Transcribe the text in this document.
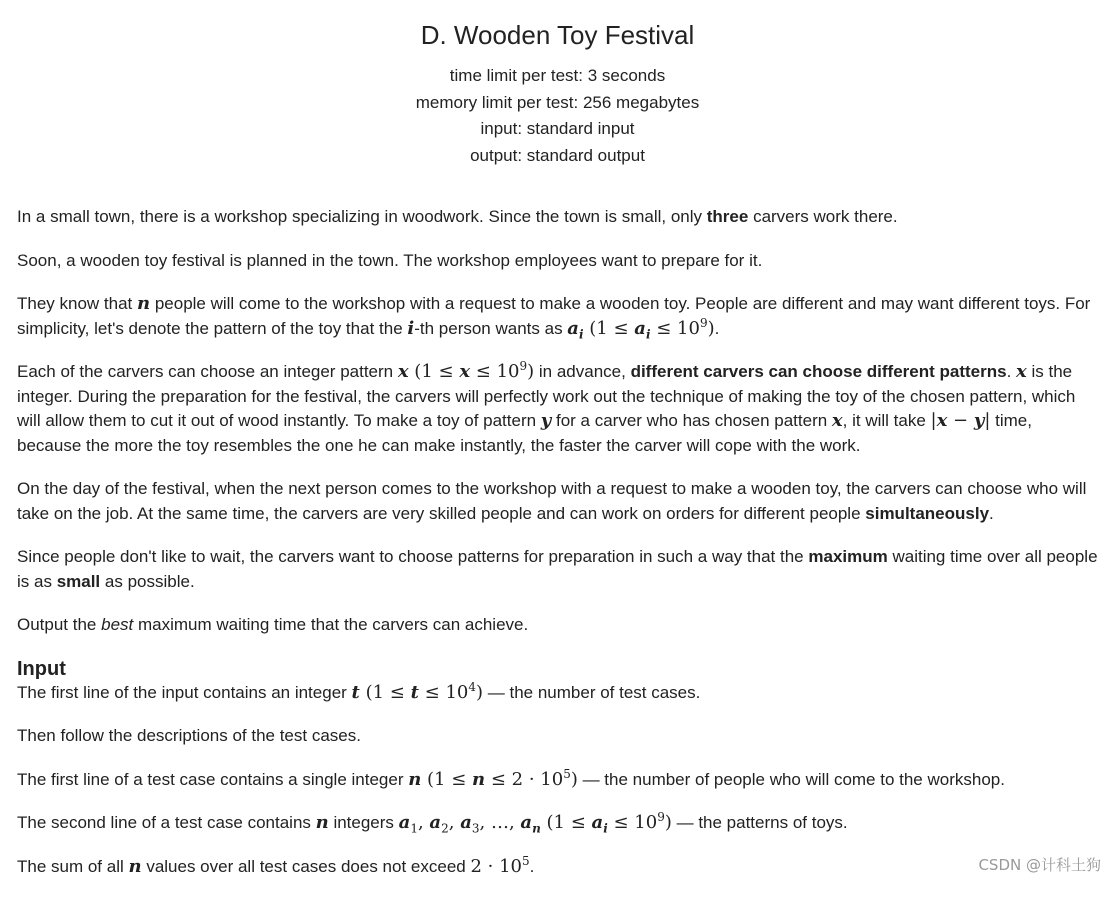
D. Wooden Toy Festival
time limit per test: 3 seconds
memory limit per test: 256 megabytes
input: standard input
output: standard output

In a small town, there is a workshop specializing in woodwork. Since the town is small, only three carvers work there.

Soon, a wooden toy festival is planned in the town. The workshop employees want to prepare for it.

They know that n people will come to the workshop with a request to make a wooden toy. People are different and may want different toys. For simplicity, let's denote the pattern of the toy that the i-th person wants as $a_i$ $(1 \le a_i \le 10^9)$.

Each of the carvers can choose an integer pattern x $(1 \le x \le 10^9)$ in advance, different carvers can choose different patterns. x is the integer. During the preparation for the festival, the carvers will perfectly work out the technique of making the toy of the chosen pattern, which will allow them to cut it out of wood instantly. To make a toy of pattern y for a carver who has chosen pattern x, it will take |x − y| time, because the more the toy resembles the one he can make instantly, the faster the carver will cope with the work.

On the day of the festival, when the next person comes to the workshop with a request to make a wooden toy, the carvers can choose who will take on the job. At the same time, the carvers are very skilled people and can work on orders for different people simultaneously.

Since people don't like to wait, the carvers want to choose patterns for preparation in such a way that the maximum waiting time over all people is as small as possible.

Output the best maximum waiting time that the carvers can achieve.

Input

The first line of the input contains an integer t $(1 \le t \le 10^4)$ — the number of test cases.

Then follow the descriptions of the test cases.

The first line of a test case contains a single integer n $(1 \le n \le 2 \cdot 10^5)$ — the number of people who will come to the workshop.

The second line of a test case contains n integers $a_1$, $a_2$, $a_3$, …, $a_n$ $(1 \le a_i \le 10^9)$ — the patterns of toys.

The sum of all n values over all test cases does not exceed $2 \cdot 10^5$.	CSDN @计科土狗
